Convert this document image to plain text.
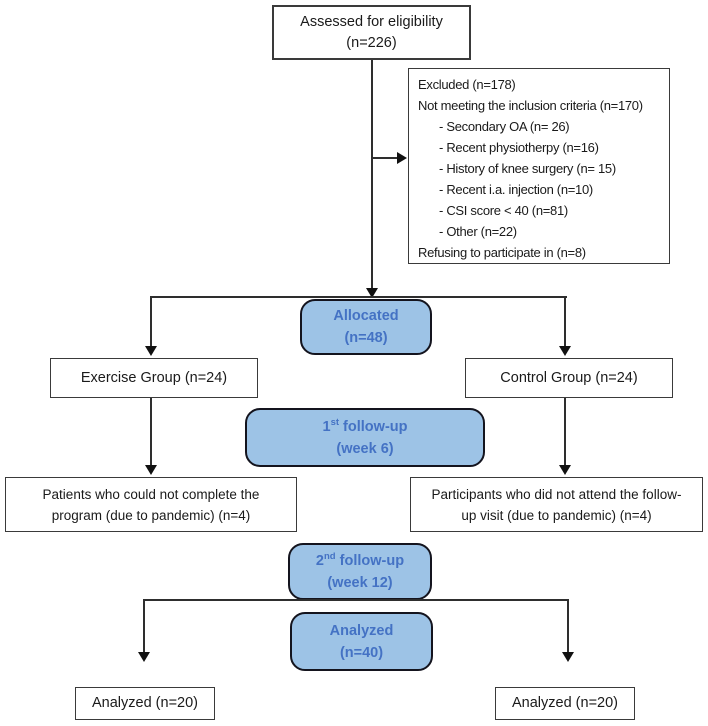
Assessed for eligibility
(n=226)
Excluded (n=178)
Not meeting the inclusion criteria (n=170)
- Secondary OA (n= 26)
- Recent physiotherpy (n=16)
- History of knee surgery (n= 15)
- Recent i.a. injection (n=10)
- CSI score < 40 (n=81)
- Other (n=22)
Refusing to participate in (n=8)
Allocated
(n=48)
Exercise Group (n=24)	Control Group (n=24)
1st follow-up
(week 6)
Patients who could not complete the
program (due to pandemic) (n=4)
Participants who did not attend the follow-
up visit (due to pandemic) (n=4)
2nd follow-up
(week 12)
Analyzed
(n=40)
Analyzed (n=20)	Analyzed (n=20)
